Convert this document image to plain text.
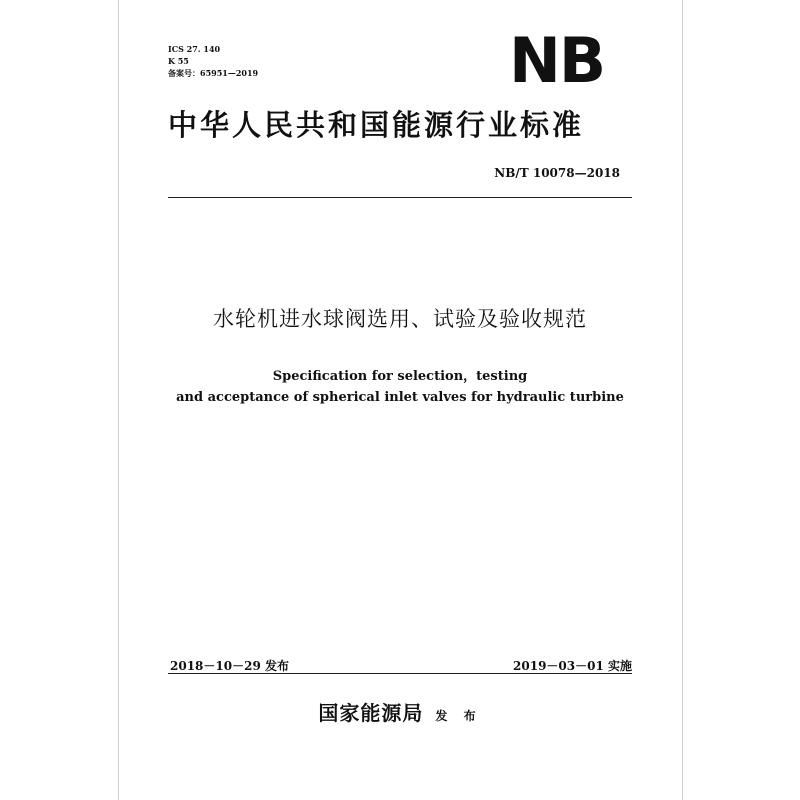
ICS 27. 140
K 55
备案号：65951—2019	NB
中华人民共和国能源行业标准
NB/T 10078—2018
水轮机进水球阀选用、试验及验收规范
Specification for selection，testing
and acceptance of spherical inlet valves for hydraulic turbine
2018－10－29 发布	2019－03－01 实施
国家能源局 发 布
